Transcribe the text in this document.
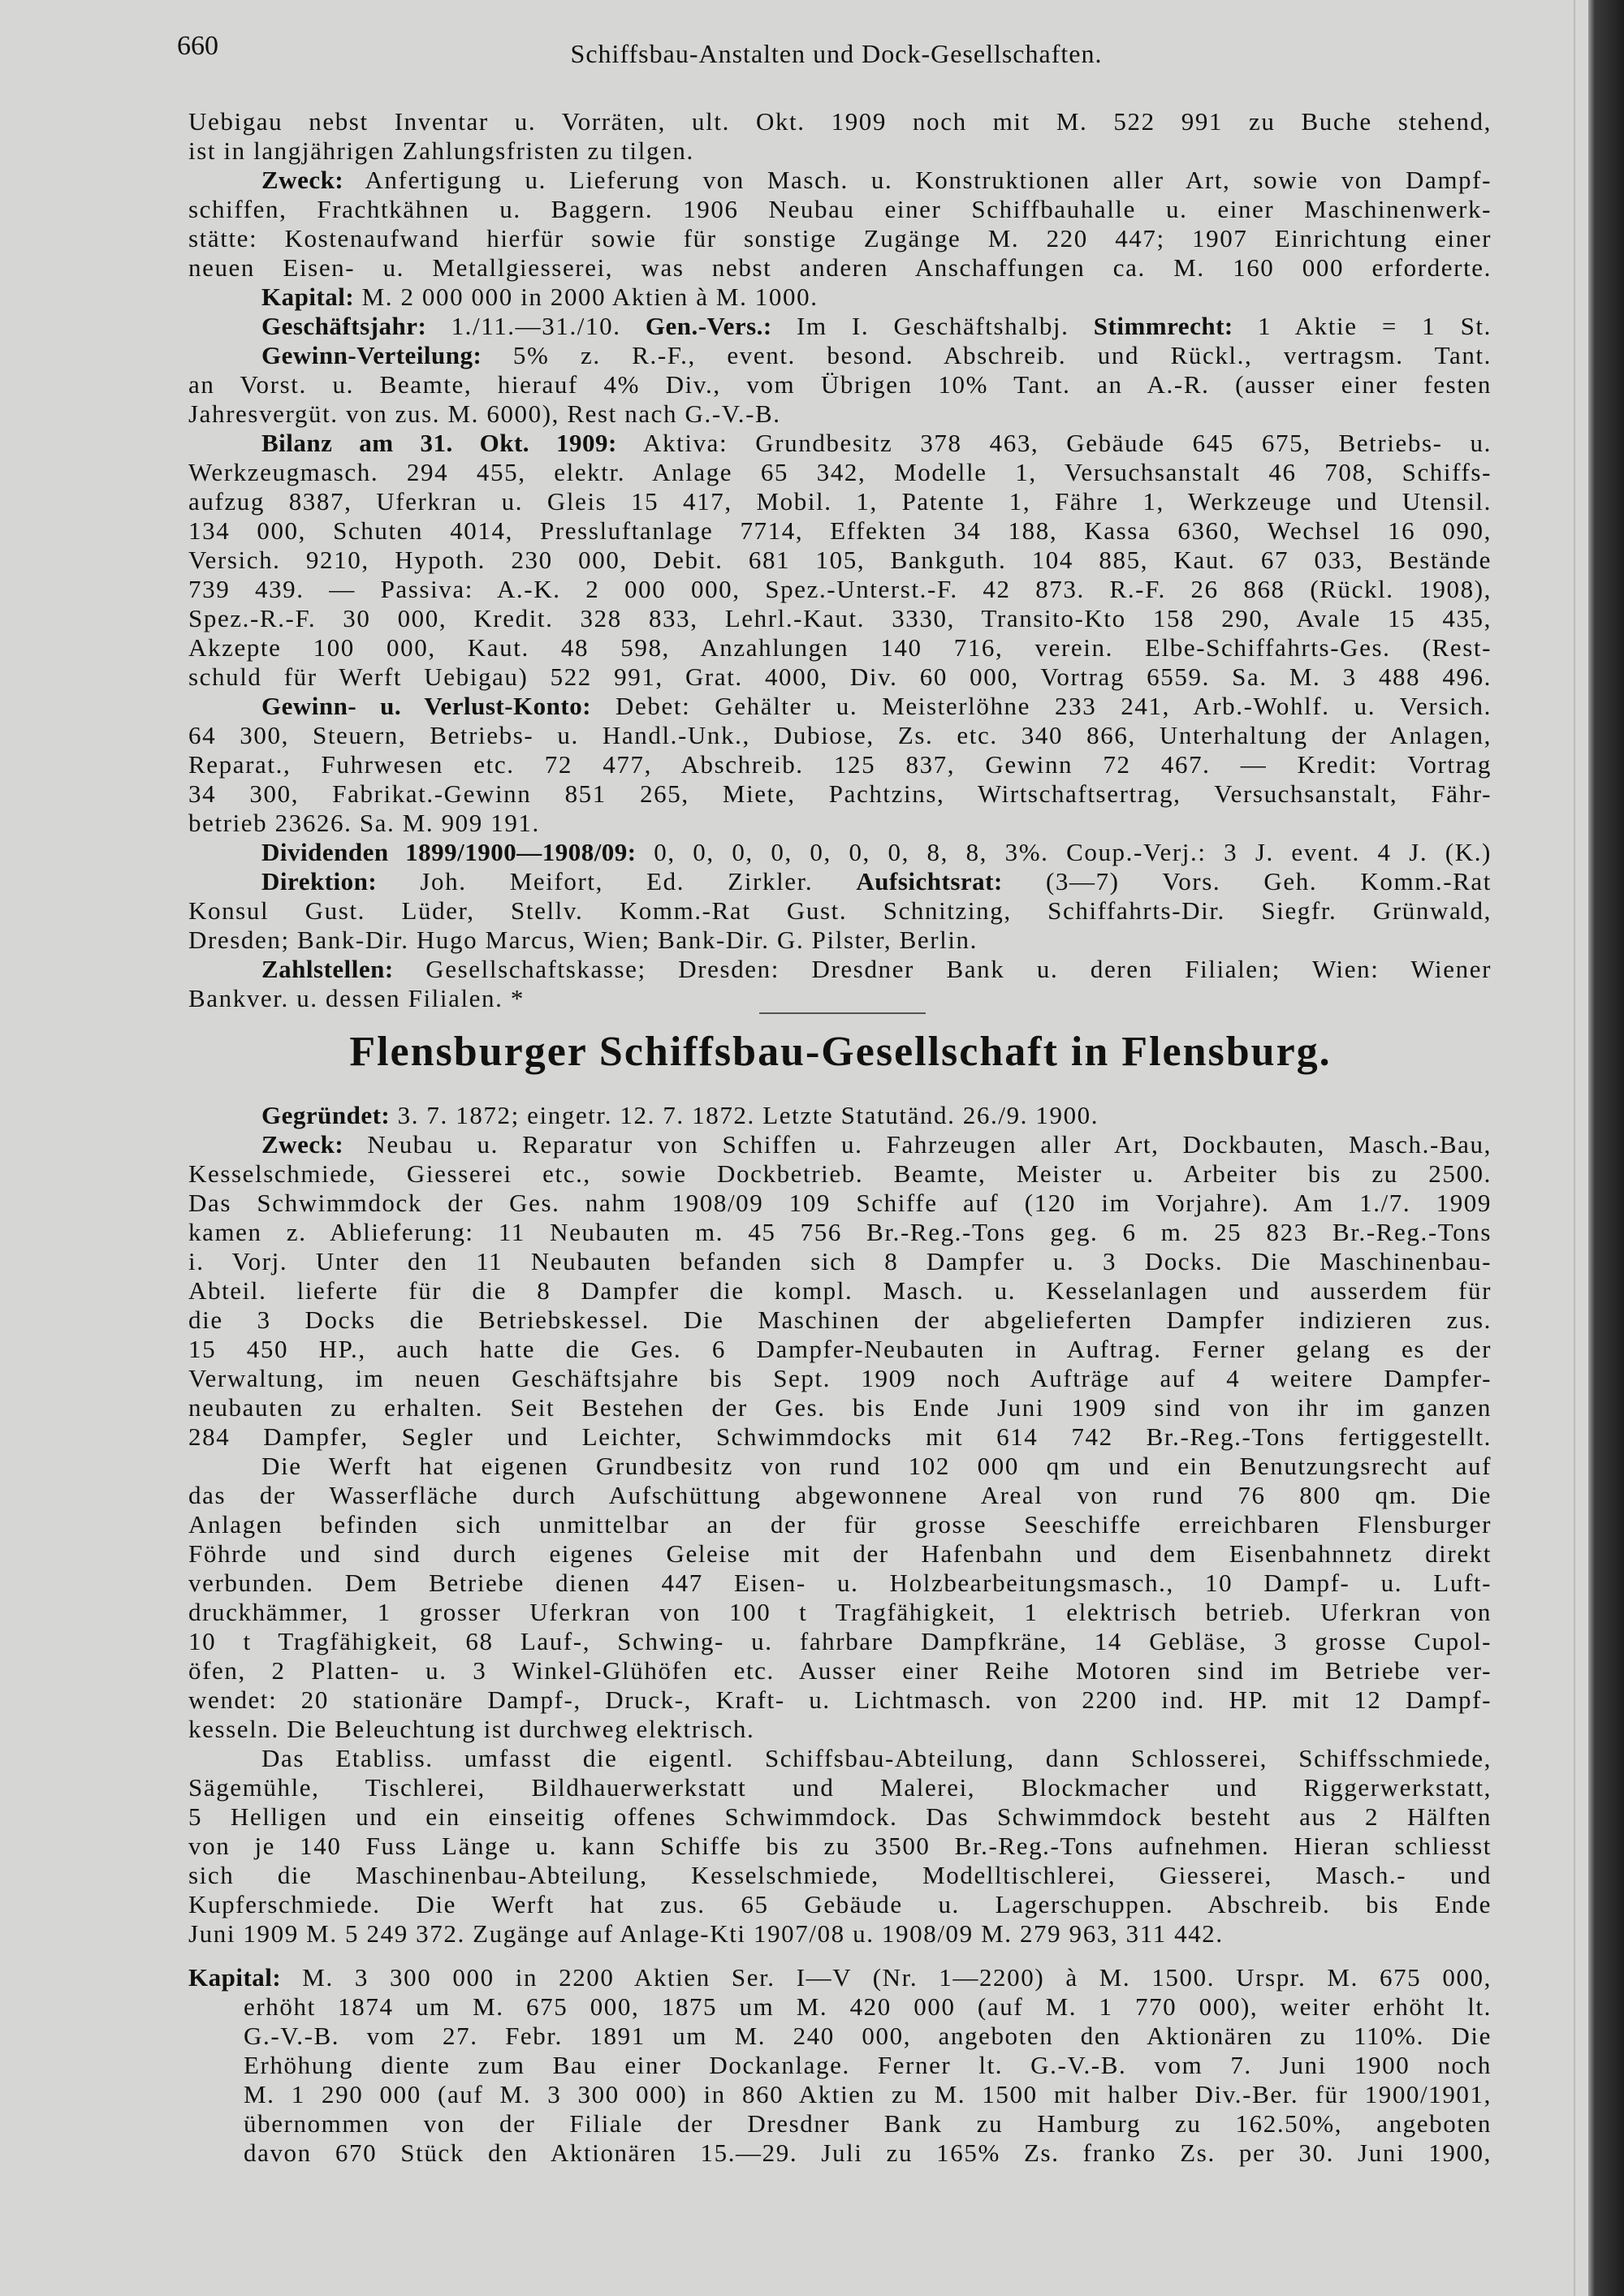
660	Schiffsbau-Anstalten und Dock-Gesellschaften.
Uebigau nebst Inventar u. Vorräten, ult. Okt. 1909 noch mit M. 522 991 zu Buche stehend,
ist in langjährigen Zahlungsfristen zu tilgen.
Zweck: Anfertigung u. Lieferung von Masch. u. Konstruktionen aller Art, sowie von Dampf-
schiffen, Frachtkähnen u. Baggern. 1906 Neubau einer Schiffbauhalle u. einer Maschinenwerk-
stätte: Kostenaufwand hierfür sowie für sonstige Zugänge M. 220 447; 1907 Einrichtung einer
neuen Eisen- u. Metallgiesserei, was nebst anderen Anschaffungen ca. M. 160 000 erforderte.
Kapital: M. 2 000 000 in 2000 Aktien à M. 1000.
Geschäftsjahr: 1./11.—31./10. Gen.-Vers.: Im I. Geschäftshalbj. Stimmrecht: 1 Aktie = 1 St.
Gewinn-Verteilung: 5% z. R.-F., event. besond. Abschreib. und Rückl., vertragsm. Tant.
an Vorst. u. Beamte, hierauf 4% Div., vom Übrigen 10% Tant. an A.-R. (ausser einer festen
Jahresvergüt. von zus. M. 6000), Rest nach G.-V.-B.
Bilanz am 31. Okt. 1909: Aktiva: Grundbesitz 378 463, Gebäude 645 675, Betriebs- u.
Werkzeugmasch. 294 455, elektr. Anlage 65 342, Modelle 1, Versuchsanstalt 46 708, Schiffs-
aufzug 8387, Uferkran u. Gleis 15 417, Mobil. 1, Patente 1, Fähre 1, Werkzeuge und Utensil.
134 000, Schuten 4014, Pressluftanlage 7714, Effekten 34 188, Kassa 6360, Wechsel 16 090,
Versich. 9210, Hypoth. 230 000, Debit. 681 105, Bankguth. 104 885, Kaut. 67 033, Bestände
739 439. — Passiva: A.-K. 2 000 000, Spez.-Unterst.-F. 42 873. R.-F. 26 868 (Rückl. 1908),
Spez.-R.-F. 30 000, Kredit. 328 833, Lehrl.-Kaut. 3330, Transito-Kto 158 290, Avale 15 435,
Akzepte 100 000, Kaut. 48 598, Anzahlungen 140 716, verein. Elbe-Schiffahrts-Ges. (Rest-
schuld für Werft Uebigau) 522 991, Grat. 4000, Div. 60 000, Vortrag 6559. Sa. M. 3 488 496.
Gewinn- u. Verlust-Konto: Debet: Gehälter u. Meisterlöhne 233 241, Arb.-Wohlf. u. Versich.
64 300, Steuern, Betriebs- u. Handl.-Unk., Dubiose, Zs. etc. 340 866, Unterhaltung der Anlagen,
Reparat., Fuhrwesen etc. 72 477, Abschreib. 125 837, Gewinn 72 467. — Kredit: Vortrag
34 300, Fabrikat.-Gewinn 851 265, Miete, Pachtzins, Wirtschaftsertrag, Versuchsanstalt, Fähr-
betrieb 23626. Sa. M. 909 191.
Dividenden 1899/1900—1908/09: 0, 0, 0, 0, 0, 0, 0, 8, 8, 3%. Coup.-Verj.: 3 J. event. 4 J. (K.)
Direktion: Joh. Meifort, Ed. Zirkler. Aufsichtsrat: (3—7) Vors. Geh. Komm.-Rat
Konsul Gust. Lüder, Stellv. Komm.-Rat Gust. Schnitzing, Schiffahrts-Dir. Siegfr. Grünwald,
Dresden; Bank-Dir. Hugo Marcus, Wien; Bank-Dir. G. Pilster, Berlin.
Zahlstellen: Gesellschaftskasse; Dresden: Dresdner Bank u. deren Filialen; Wien: Wiener
Bankver. u. dessen Filialen. *
Flensburger Schiffsbau-Gesellschaft in Flensburg.
Gegründet: 3. 7. 1872; eingetr. 12. 7. 1872. Letzte Statutänd. 26./9. 1900.
Zweck: Neubau u. Reparatur von Schiffen u. Fahrzeugen aller Art, Dockbauten, Masch.-Bau,
Kesselschmiede, Giesserei etc., sowie Dockbetrieb. Beamte, Meister u. Arbeiter bis zu 2500.
Das Schwimmdock der Ges. nahm 1908/09 109 Schiffe auf (120 im Vorjahre). Am 1./7. 1909
kamen z. Ablieferung: 11 Neubauten m. 45 756 Br.-Reg.-Tons geg. 6 m. 25 823 Br.-Reg.-Tons
i. Vorj. Unter den 11 Neubauten befanden sich 8 Dampfer u. 3 Docks. Die Maschinenbau-
Abteil. lieferte für die 8 Dampfer die kompl. Masch. u. Kesselanlagen und ausserdem für
die 3 Docks die Betriebskessel. Die Maschinen der abgelieferten Dampfer indizieren zus.
15 450 HP., auch hatte die Ges. 6 Dampfer-Neubauten in Auftrag. Ferner gelang es der
Verwaltung, im neuen Geschäftsjahre bis Sept. 1909 noch Aufträge auf 4 weitere Dampfer-
neubauten zu erhalten. Seit Bestehen der Ges. bis Ende Juni 1909 sind von ihr im ganzen
284 Dampfer, Segler und Leichter, Schwimmdocks mit 614 742 Br.-Reg.-Tons fertiggestellt.
Die Werft hat eigenen Grundbesitz von rund 102 000 qm und ein Benutzungsrecht auf
das der Wasserfläche durch Aufschüttung abgewonnene Areal von rund 76 800 qm. Die
Anlagen befinden sich unmittelbar an der für grosse Seeschiffe erreichbaren Flensburger
Föhrde und sind durch eigenes Geleise mit der Hafenbahn und dem Eisenbahnnetz direkt
verbunden. Dem Betriebe dienen 447 Eisen- u. Holzbearbeitungsmasch., 10 Dampf- u. Luft-
druckhämmer, 1 grosser Uferkran von 100 t Tragfähigkeit, 1 elektrisch betrieb. Uferkran von
10 t Tragfähigkeit, 68 Lauf-, Schwing- u. fahrbare Dampfkräne, 14 Gebläse, 3 grosse Cupol-
öfen, 2 Platten- u. 3 Winkel-Glühöfen etc. Ausser einer Reihe Motoren sind im Betriebe ver-
wendet: 20 stationäre Dampf-, Druck-, Kraft- u. Lichtmasch. von 2200 ind. HP. mit 12 Dampf-
kesseln. Die Beleuchtung ist durchweg elektrisch.
Das Etabliss. umfasst die eigentl. Schiffsbau-Abteilung, dann Schlosserei, Schiffsschmiede,
Sägemühle, Tischlerei, Bildhauerwerkstatt und Malerei, Blockmacher und Riggerwerkstatt,
5 Helligen und ein einseitig offenes Schwimmdock. Das Schwimmdock besteht aus 2 Hälften
von je 140 Fuss Länge u. kann Schiffe bis zu 3500 Br.-Reg.-Tons aufnehmen. Hieran schliesst
sich die Maschinenbau-Abteilung, Kesselschmiede, Modelltischlerei, Giesserei, Masch.- und
Kupferschmiede. Die Werft hat zus. 65 Gebäude u. Lagerschuppen. Abschreib. bis Ende
Juni 1909 M. 5 249 372. Zugänge auf Anlage-Kti 1907/08 u. 1908/09 M. 279 963, 311 442.
Kapital: M. 3 300 000 in 2200 Aktien Ser. I—V (Nr. 1—2200) à M. 1500. Urspr. M. 675 000,
erhöht 1874 um M. 675 000, 1875 um M. 420 000 (auf M. 1 770 000), weiter erhöht lt.
G.-V.-B. vom 27. Febr. 1891 um M. 240 000, angeboten den Aktionären zu 110%. Die
Erhöhung diente zum Bau einer Dockanlage. Ferner lt. G.-V.-B. vom 7. Juni 1900 noch
M. 1 290 000 (auf M. 3 300 000) in 860 Aktien zu M. 1500 mit halber Div.-Ber. für 1900/1901,
übernommen von der Filiale der Dresdner Bank zu Hamburg zu 162.50%, angeboten
davon 670 Stück den Aktionären 15.—29. Juli zu 165% Zs. franko Zs. per 30. Juni 1900,
